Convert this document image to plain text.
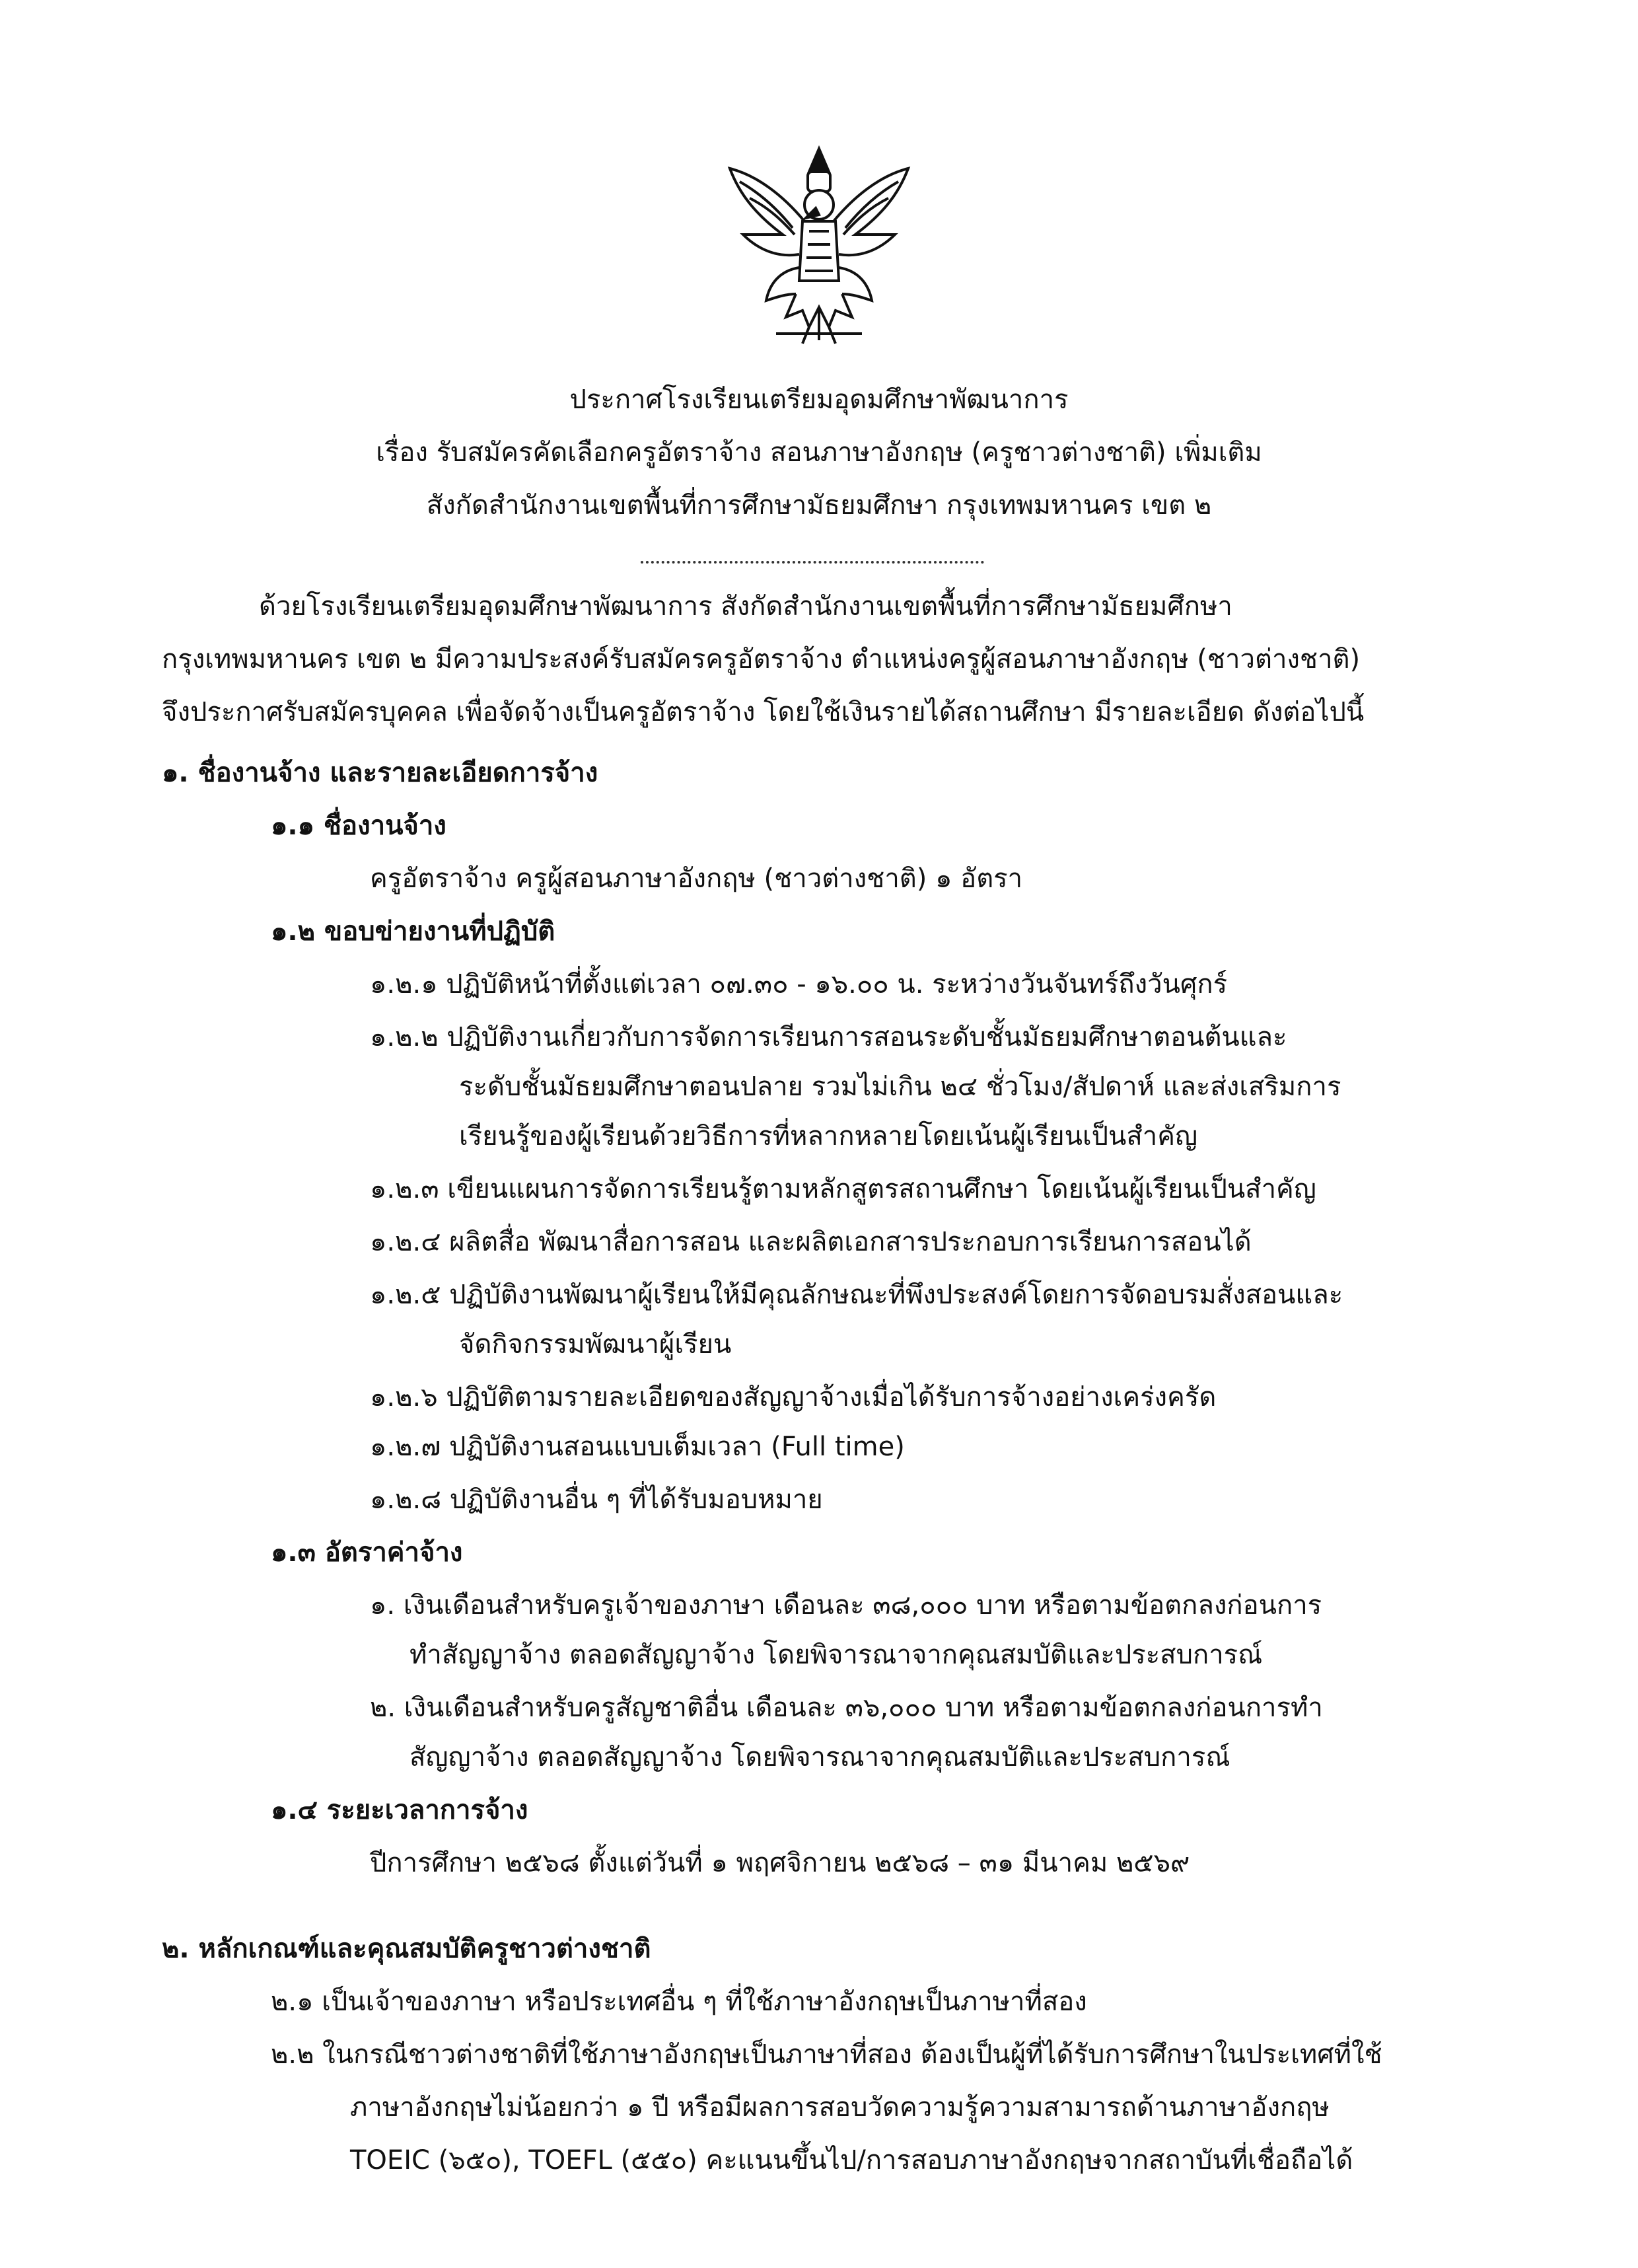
ประกาศโรงเรียนเตรียมอุดมศึกษาพัฒนาการ
เรื่อง รับสมัครคัดเลือกครูอัตราจ้าง สอนภาษาอังกฤษ (ครูชาวต่างชาติ) เพิ่มเติม
สังกัดสำนักงานเขตพื้นที่การศึกษามัธยมศึกษา กรุงเทพมหานคร เขต ๒
ด้วยโรงเรียนเตรียมอุดมศึกษาพัฒนาการ สังกัดสำนักงานเขตพื้นที่การศึกษามัธยมศึกษา
กรุงเทพมหานคร เขต ๒ มีความประสงค์รับสมัครครูอัตราจ้าง ตำแหน่งครูผู้สอนภาษาอังกฤษ (ชาวต่างชาติ)
จึงประกาศรับสมัครบุคคล เพื่อจัดจ้างเป็นครูอัตราจ้าง โดยใช้เงินรายได้สถานศึกษา มีรายละเอียด ดังต่อไปนี้
๑. ชื่องานจ้าง และรายละเอียดการจ้าง
๑.๑ ชื่องานจ้าง
ครูอัตราจ้าง ครูผู้สอนภาษาอังกฤษ (ชาวต่างชาติ) ๑ อัตรา
๑.๒ ขอบข่ายงานที่ปฏิบัติ
๑.๒.๑ ปฏิบัติหน้าที่ตั้งแต่เวลา ๐๗.๓๐ - ๑๖.๐๐ น. ระหว่างวันจันทร์ถึงวันศุกร์
๑.๒.๒ ปฏิบัติงานเกี่ยวกับการจัดการเรียนการสอนระดับชั้นมัธยมศึกษาตอนต้นและ
ระดับชั้นมัธยมศึกษาตอนปลาย รวมไม่เกิน ๒๔ ชั่วโมง/สัปดาห์ และส่งเสริมการ
เรียนรู้ของผู้เรียนด้วยวิธีการที่หลากหลายโดยเน้นผู้เรียนเป็นสำคัญ
๑.๒.๓ เขียนแผนการจัดการเรียนรู้ตามหลักสูตรสถานศึกษา โดยเน้นผู้เรียนเป็นสำคัญ
๑.๒.๔ ผลิตสื่อ พัฒนาสื่อการสอน และผลิตเอกสารประกอบการเรียนการสอนได้
๑.๒.๕ ปฏิบัติงานพัฒนาผู้เรียนให้มีคุณลักษณะที่พึงประสงค์โดยการจัดอบรมสั่งสอนและ
จัดกิจกรรมพัฒนาผู้เรียน
๑.๒.๖ ปฏิบัติตามรายละเอียดของสัญญาจ้างเมื่อได้รับการจ้างอย่างเคร่งครัด
๑.๒.๗ ปฏิบัติงานสอนแบบเต็มเวลา (Full time)
๑.๒.๘ ปฏิบัติงานอื่น ๆ ที่ได้รับมอบหมาย
๑.๓ อัตราค่าจ้าง
๑. เงินเดือนสำหรับครูเจ้าของภาษา เดือนละ ๓๘,๐๐๐ บาท หรือตามข้อตกลงก่อนการ
ทำสัญญาจ้าง ตลอดสัญญาจ้าง โดยพิจารณาจากคุณสมบัติและประสบการณ์
๒. เงินเดือนสำหรับครูสัญชาติอื่น เดือนละ ๓๖,๐๐๐ บาท หรือตามข้อตกลงก่อนการทำ
สัญญาจ้าง ตลอดสัญญาจ้าง โดยพิจารณาจากคุณสมบัติและประสบการณ์
๑.๔ ระยะเวลาการจ้าง
ปีการศึกษา ๒๕๖๘ ตั้งแต่วันที่ ๑ พฤศจิกายน ๒๕๖๘ – ๓๑ มีนาคม ๒๕๖๙
๒. หลักเกณฑ์และคุณสมบัติครูชาวต่างชาติ
๒.๑ เป็นเจ้าของภาษา หรือประเทศอื่น ๆ ที่ใช้ภาษาอังกฤษเป็นภาษาที่สอง
๒.๒ ในกรณีชาวต่างชาติที่ใช้ภาษาอังกฤษเป็นภาษาที่สอง ต้องเป็นผู้ที่ได้รับการศึกษาในประเทศที่ใช้
ภาษาอังกฤษไม่น้อยกว่า ๑ ปี หรือมีผลการสอบวัดความรู้ความสามารถด้านภาษาอังกฤษ
TOEIC (๖๕๐), TOEFL (๕๕๐) คะแนนขึ้นไป/การสอบภาษาอังกฤษจากสถาบันที่เชื่อถือได้
